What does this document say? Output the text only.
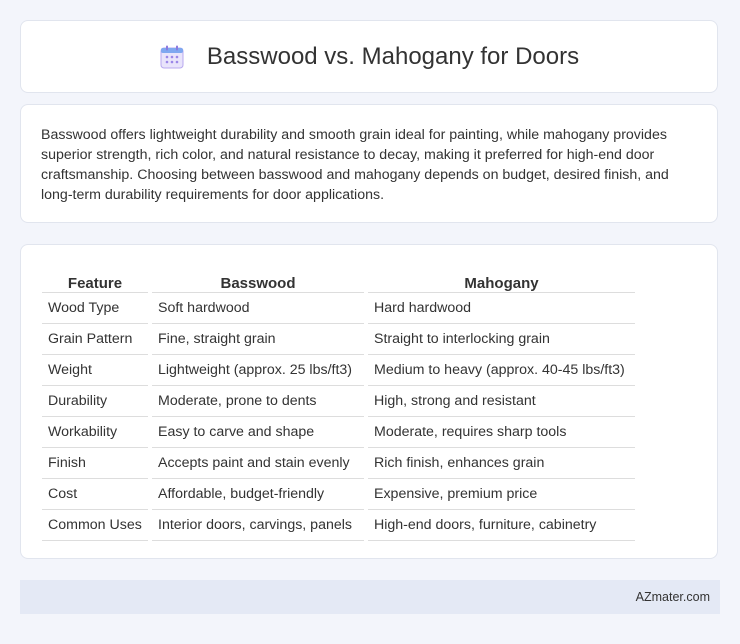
Basswood vs. Mahogany for Doors

Basswood offers lightweight durability and smooth grain ideal for painting, while mahogany provides superior strength, rich color, and natural resistance to decay, making it preferred for high-end door craftsmanship. Choosing between basswood and mahogany depends on budget, desired finish, and long-term durability requirements for door applications.

Feature	Basswood	Mahogany
Wood Type	Soft hardwood	Hard hardwood
Grain Pattern	Fine, straight grain	Straight to interlocking grain
Weight	Lightweight (approx. 25 lbs/ft3)	Medium to heavy (approx. 40-45 lbs/ft3)
Durability	Moderate, prone to dents	High, strong and resistant
Workability	Easy to carve and shape	Moderate, requires sharp tools
Finish	Accepts paint and stain evenly	Rich finish, enhances grain
Cost	Affordable, budget-friendly	Expensive, premium price
Common Uses	Interior doors, carvings, panels	High-end doors, furniture, cabinetry
AZmater.com
